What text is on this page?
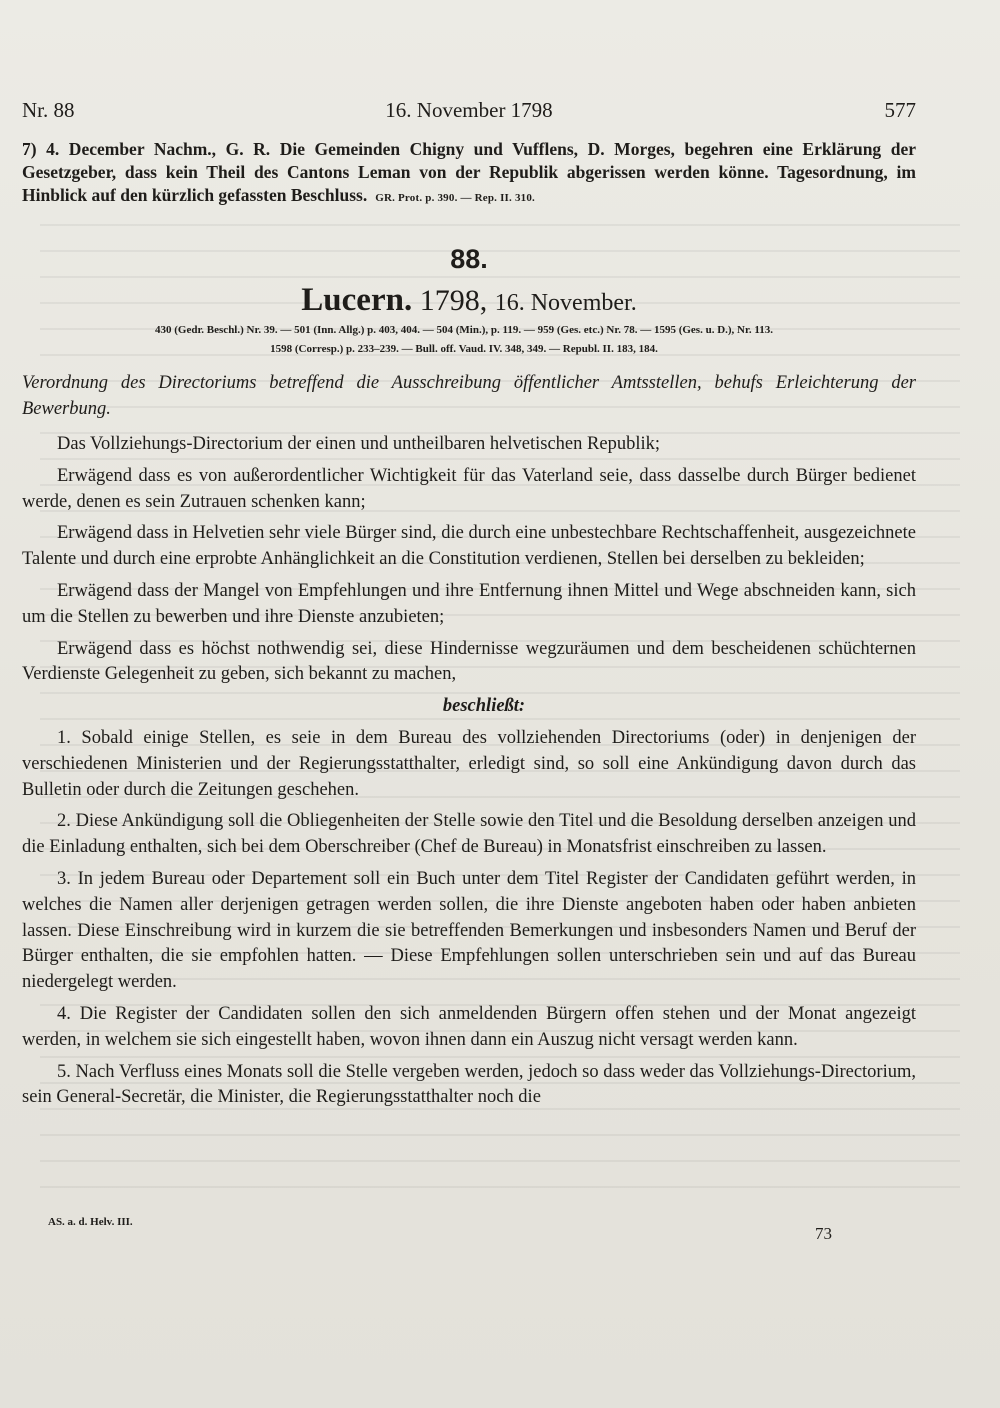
Nr. 88	16. November 1798	577

7) 4. December Nachm., G. R. Die Gemeinden Chigny und Vufflens, D. Morges, begehren eine Erklärung der Gesetzgeber, dass kein Theil des Cantons Leman von der Republik abgerissen werden könne. Tagesordnung, im Hinblick auf den kürzlich gefassten Beschluss. GR. Prot. p. 390. — Rep. II. 310.

88.
Lucern. 1798, 16. November.
430 (Gedr. Beschl.) Nr. 39. — 501 (Inn. Allg.) p. 403, 404. — 504 (Min.), p. 119. — 959 (Ges. etc.) Nr. 78. — 1595 (Ges. u. D.), Nr. 113.
1598 (Corresp.) p. 233–239. — Bull. off. Vaud. IV. 348, 349. — Republ. II. 183, 184.
Verordnung des Directoriums betreffend die Ausschreibung öffentlicher Amtsstellen, behufs Erleichterung der Bewerbung.

Das Vollziehungs-Directorium der einen und untheilbaren helvetischen Republik;

Erwägend dass es von außerordentlicher Wichtigkeit für das Vaterland seie, dass dasselbe durch Bürger bedienet werde, denen es sein Zutrauen schenken kann;

Erwägend dass in Helvetien sehr viele Bürger sind, die durch eine unbestechbare Rechtschaffenheit, ausgezeichnete Talente und durch eine erprobte Anhänglichkeit an die Constitution verdienen, Stellen bei derselben zu bekleiden;

Erwägend dass der Mangel von Empfehlungen und ihre Entfernung ihnen Mittel und Wege abschneiden kann, sich um die Stellen zu bewerben und ihre Dienste anzubieten;

Erwägend dass es höchst nothwendig sei, diese Hindernisse wegzuräumen und dem bescheidenen schüchternen Verdienste Gelegenheit zu geben, sich bekannt zu machen,

beschließt:

1. Sobald einige Stellen, es seie in dem Bureau des vollziehenden Directoriums (oder) in denjenigen der verschiedenen Ministerien und der Regierungsstatthalter, erledigt sind, so soll eine Ankündigung davon durch das Bulletin oder durch die Zeitungen geschehen.

2. Diese Ankündigung soll die Obliegenheiten der Stelle sowie den Titel und die Besoldung derselben anzeigen und die Einladung enthalten, sich bei dem Oberschreiber (Chef de Bureau) in Monatsfrist einschreiben zu lassen.

3. In jedem Bureau oder Departement soll ein Buch unter dem Titel Register der Candidaten geführt werden, in welches die Namen aller derjenigen getragen werden sollen, die ihre Dienste angeboten haben oder haben anbieten lassen. Diese Einschreibung wird in kurzem die sie betreffenden Bemerkungen und insbesonders Namen und Beruf der Bürger enthalten, die sie empfohlen hatten. — Diese Empfehlungen sollen unterschrieben sein und auf das Bureau niedergelegt werden.

4. Die Register der Candidaten sollen den sich anmeldenden Bürgern offen stehen und der Monat angezeigt werden, in welchem sie sich eingestellt haben, wovon ihnen dann ein Auszug nicht versagt werden kann.

5. Nach Verfluss eines Monats soll die Stelle vergeben werden, jedoch so dass weder das Vollziehungs-Directorium, sein General-Secretär, die Minister, die Regierungsstatthalter noch die

AS. a. d. Helv. III.
73
